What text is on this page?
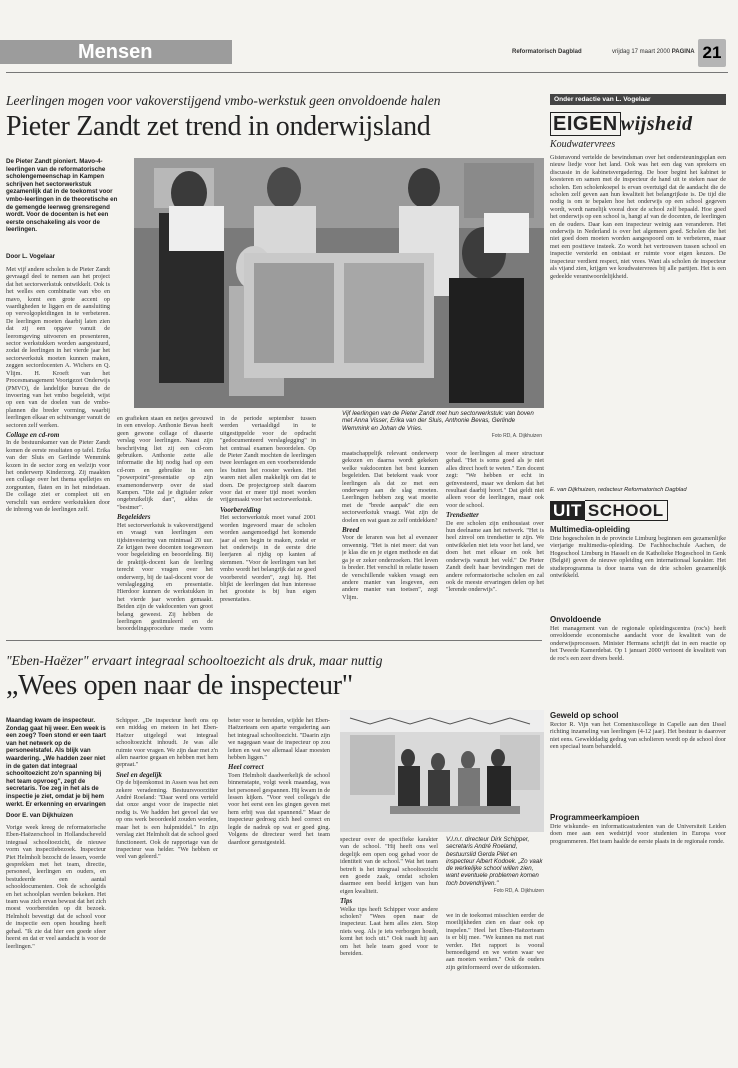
Mensen	Reformatorisch Dagblad	vrijdag 17 maart 2000 PAGINA 21
Leerlingen mogen voor vakoverstijgend vmbo-werkstuk geen onvoldoende halen
Pieter Zandt zet trend in onderwijsland
De Pieter Zandt pioniert. Mavo-4-leerlingen van de reformatorische scholengemeenschap in Kampen schrijven het sectorwerkstuk gezamenlijk dat in de toekomst voor vmbo-leerlingen in de theoretische en de gemengde leerweg grensregend wordt. Voor de docenten is het een eerste onschakeling als voor de leerlingen.
Door L. Vogelaar

Met vijf andere scholen is de Pieter Zandt gevraagd deel te nemen aan het project dat het sectorwerkstuk ontwikkelt. Ook is het welles een combinatie van vbo en mavo, komt een grote accent op vaardigheden te liggen en de aansluiting op vervolgopleidingen in te verbeteren. De leerlingen moeten daarbij laten zien dat zij een opgave vanuit de leeromgeving uitvoeren en presenteren, sector werkstukken worden aangestuurd, zodat de leerlingen in het vierde jaar het sectorwerkstuk moeten kunnen maken, zeggen sectordocenten A. Wichers en Q. Vlijm. H. Kroeft van het Procesmanagement Voortgezet Onderwijs (PMVO), de landelijke bureau die de invoering van het vmbo begeleidt, wijst op een van de doelen van de vmbo-plannen die breder vorming, waarbij leerlingen elkaar en schitvanger vanuit de sectoren zelf werken.

Collage en cd-rom

In de bestuurskamer van de Pieter Zandt komen de eerste resultaten op tafel. Erika van der Sluis en Gerlinde Wemmink kozen in de sector zorg en welzijn voor het onderwerp Kinderzorg. Zij maakten een collage over het thema spelletjes en zorgpunten, flaten en in het mindetaan. De collage ziet er compleet uit en verschilt van eerdere werkstukken door de inbreng van de leerlingen zelf.

Vijf leerlingen van de Pieter Zandt met hun sectorwerkstuk: van boven met Anna Visser, Erika van der Sluis, Anthonie Bevas, Gerlinde Wemmink en Johan de Vries.
Foto RD, A. Dijkhuizen

en grafieken staan en netjes gevouwd in een envelop. Anthonie Bevas heeft geen gewone collage of diaserie verslag voor leerlingen. Naast zijn beschrijving liet zij een cd-rom gebruiken. Anthonie zette alle informatie die hij nodig had op een cd-rom en gebruikte in een "powerpoint"-presentatie op zijn examenonderwerp over de stad Kampen. "Die zal je digitaler zeker ongebruikelijk dan", aldus de "bestmer".

Begeleiders

Het sectorwerkstuk is vakoverstijgend en vraagt van leerlingen een tijdsinvestering van minimaal 20 uur. Ze krijgen twee docenten toegewezen voor begeleiding en beoordeling. Bij de praktijk-docent kan de leerling terecht voor vragen over het onderwerp, bij de taal-docent voor de verslaglegging en presentatie. Hierdoor kunnen de werkstukken in het vierde jaar worden gemaakt. Beiden zijn de vakdocenten van groot belang geweest. Zij hebben de leerlingen gestimuleerd en de beoordelingsprocedure mede vorm

in de periode september tussen werden vertaaldigd in te uitgestippelde voor de opdracht "gedocumenteerd verslaglegging" in het centraal examen beoordelen. Op de Pieter Zandt mochten de leerlingen twee leerdagen en een voorbereidende les buiten het rooster werken. Het waren niet allen makkelijk om dat te doen. De projectgroep stelt daarom voor dat er meer tijd moet worden vrijgemaakt voor het sectorwerkstuk.

Voorbereiding

Het sectorwerkstuk moet vanaf 2001 worden ingevoerd maar de scholen worden aangemoedigd het komende jaar al een begin te maken, zodat er het onderwijs in de eerste drie leerjaren al rijdig op kanten af stemmen. "Voor de leerlingen van het vmbo wordt het belangrijk dat ze goed voorbereid worden", zegt hij. Het blijkt de leerlingen dat hun interesse het grootste is bij hun eigen presentaties.

maatschappelijk relevant onderwerp gekozen en daarna wordt gekeken welke vakdocenten het best kunnen begeleiden. Dat betekent vaak voor leerlingen als dat ze met een onderwerp aan de slag moeten. Leerlingen hebben zeg wat moeite met de "brede aanpak" die een sectorwerkstuk vraagt. Wat zijn de doelen en wat gaan ze zelf ontdekken?

Breed

Voor de leraren was het al evenzeer onwennig. "Het is niet meer: dat van je klas die en je eigen methode en dat ga je er zeker onderzoeken. Het leven is breder. Het verschil in relatie tussen de verschillende vakken vraagt een andere manier van lesgeven, een andere manier van toetsen", zegt Vlijm.

voor de leerlingen al meer structuur gehad. "Het is soms goed als je niet alles direct hoeft te weten." Een docent zegt: "We hebben er echt in geïnvesteerd, maar we denken dat het resultaat daarbij hoort." Dat geldt niet alleen voor de leerlingen, maar ook voor de school.

Trendsetter

De ere scholen zijn enthousiast over hun deelname aan het netwerk. "Het is heel zinvol om trendsetter te zijn. We ontwikkelen niet iets voor het land, we doen het met elkaar en ook het onderwijs vanuit het veld." De Pieter Zandt deelt haar bevindingen met de andere reformatorische scholen en zal ook de meeste ervaringen delen op het "lerende onderwijs".

Onder redactie van L. Vogelaar
EIGEN wijsheid
Koudwatervrees
Gisteravond vertelde de bewindsman over het ondersteuningsplan een nieuw liedje voor het land. Ook was het een dag van sprekers en discussie in de kabinetsvergadering. De boer begint het kabinet te koesteren en samen met de inspecteur de hand uit te steken naar de scholen. Een scholenkoepel is ervan overtuigd dat de aandacht die de scholen zelf geven aan hun kwaliteit het belangrijkste is. De tijd die nodig is om te bepalen hoe het onderwijs op een school gegeven wordt, wordt namelijk vooral door de school zelf bepaald. Hoe goed het onderwijs op een school is, hangt af van de docenten, de leerlingen en de ouders. Daar kan een inspecteur weinig aan veranderen. Het onderwijs in Nederland is over het algemeen goed. Scholen die het niet goed doen moeten worden aangespoord om te verbeteren, maar met een positieve insteek. Zo wordt het vertrouwen tussen school en inspectie versterkt en ontstaat er ruimte voor eigen keuzes. De inspecteur verdient respect, niet vrees. Want als scholen de inspecteur als vijand zien, krijgen we koudwatervrees bij alle partijen. Het is een gedeelde verantwoordelijkheid.
E. van Dijkhuizen, redacteur Reformatorisch Dagblad
UIT SCHOOL
Multimedia-opleiding
Drie hogescholen in de provincie Limburg beginnen een gezamenlijke vierjarige multimedia-opleiding. De Fachhochschule Aachen, de Hogeschool Limburg in Hasselt en de Katholieke Hogeschool in Genk (België) geven de nieuwe opleiding een internationaal karakter. Het studieprogramma is door teams van de drie scholen gezamenlijk ontwikkeld.
Onvoldoende
Het management van de regionale opleidingscentra (roc's) heeft onvoldoende economische aandacht voor de kwaliteit van de onderwijsprocessen. Minister Hermans schrijft dat in een reactie op het Tweede Kamerdebat. Op 1 januari 2000 vertoont de kwaliteit van de roc's een zeer divers beeld.
Geweld op school
Rector R. Vijn van het Comeniuscollege in Capelle aan den IJssel richting inzameling van leerlingen (4-12 jaar). Het bestuur is daarover niet eens. Gewelddadig gedrag van scholieren wordt op de school door een speciaal team behandeld.
Programmeerkampioen
Drie wiskunde- en informaticastudenten van de Universiteit Leiden doen mee aan een wedstrijd voor studenten in Europa voor programmeren. Het team haalde de eerste plaats in de regionale ronde.
"Eben-Haëzer" ervaart integraal schooltoezicht als druk, maar nuttig
„Wees open naar de inspecteur"
Maandag kwam de inspecteur. Zondag gaat hij weer. Een week is een zoeg? Toen stond er een taart van het netwerk op de personeelstafel. Als blijk van waardering. „We hadden zeer niet in de gaten dat integraal schooltoezicht zo'n spanning bij het team opvroeg", zegt de secretaris. Toe zeg in het als de inspectie je ziet, omdat je bij hem werkt. Er erkenning en ervaringen
Door E. van Dijkhuizen
Vorige week kreeg de reformatorische Eben-Haëzerschool in Hollandscheveld integraal schooltoezicht, de nieuwe vorm van inspectiebezoek. Inspecteur Piet Helmholt bezocht de lessen, voerde gesprekken met het team, directie, personeel, leerlingen en ouders, en bestudeerde een aantal schooldocumenten. Ook de schoolgids en het schoolplan werden bekeken. Het team was zich ervan bewust dat het zich moest voorbereiden op dit bezoek. Helmholt bevestigt dat de school voor de inspectie een open houding heeft gehad. "Ik zie dat hier een goede sfeer heerst en dat er veel aandacht is voor de leerlingen."

Schipper. „De inspecteur heeft ons op een middag en meteen in het Eben-Haëzer uitgelegd wat integraal schooltoezicht inhoudt. Je was alle ruimte voor vragen. We zijn daar met z'n allen naartoe gegaan en hebben met hem gepraat."

Snel en degelijk

Op de bijeenkomst in Assen was het een zekere verademing. Bestuursvoorzitter André Roeland: "Daar werd ons verteld dat onze angst voor de inspectie niet nodig is. We hadden het gevoel dat we op ons werk beoordeeld zouden worden, maar het is een hulpmiddel." In zijn verslag ziet Helmholt dat de school goed functioneert. Ook de rapportage van de inspecteur was helder. "We hebben er veel van geleerd."

beter voor te bereiden, wijdde het Eben-Haëzerteam een aparte vergadering aan het integraal schooltoezicht. "Daarin zijn we nagegaan waar de inspecteur op zou letten en wat we allemaal klaar moesten hebben liggen."

Heel correct

Toen Helmholt daadwerkelijk de school binnenstapte, volgt week maandag, was het personeel gespannen. Hij kwam in de lessen kijken. "Voor veel collega's die voor het eerst een les gingen geven met hem erbij was dat spannend." Maar de inspecteur gedroeg zich heel correct en legde de nadruk op wat er goed ging. Volgens de directeur werd het team daardoor gerustgesteld.	V.l.n.r. directeur Dirk Schipper, secretaris André Roeland, bestuurslid Gerda Pilet en inspecteur Albert Kodoek. „Zo vaak de werkelijke school willen zien, want eventuele problemen komen toch bovendrijven."
Foto RD, A. Dijkhuizen

specteur over de specifieke karakter van de school. "Hij heeft ons wel degelijk een open oog gehad voor de identiteit van de school." Wat het team betreft is het integraal schooltoezicht een goede zaak, omdat scholen daarmee een beeld krijgen van hun eigen kwaliteit.

Tips

Welke tips heeft Schipper voor andere scholen? "Wees open naar de inspecteur. Laat hem alles zien. Stop niets weg. Als je iets verborgen houdt, komt het toch uit." Ook raadt hij aan om het hele team goed voor te bereiden.

we in de toekomst misschien eerder de moeilijkheden zien en daar ook op inspelen." Heel het Eben-Haëzerteam is er blij mee. "We kunnen nu met rust verder. Het rapport is vooral bemoedigend en we weten waar we aan moeten werken." Ook de ouders zijn geïnformeerd over de uitkomsten.
